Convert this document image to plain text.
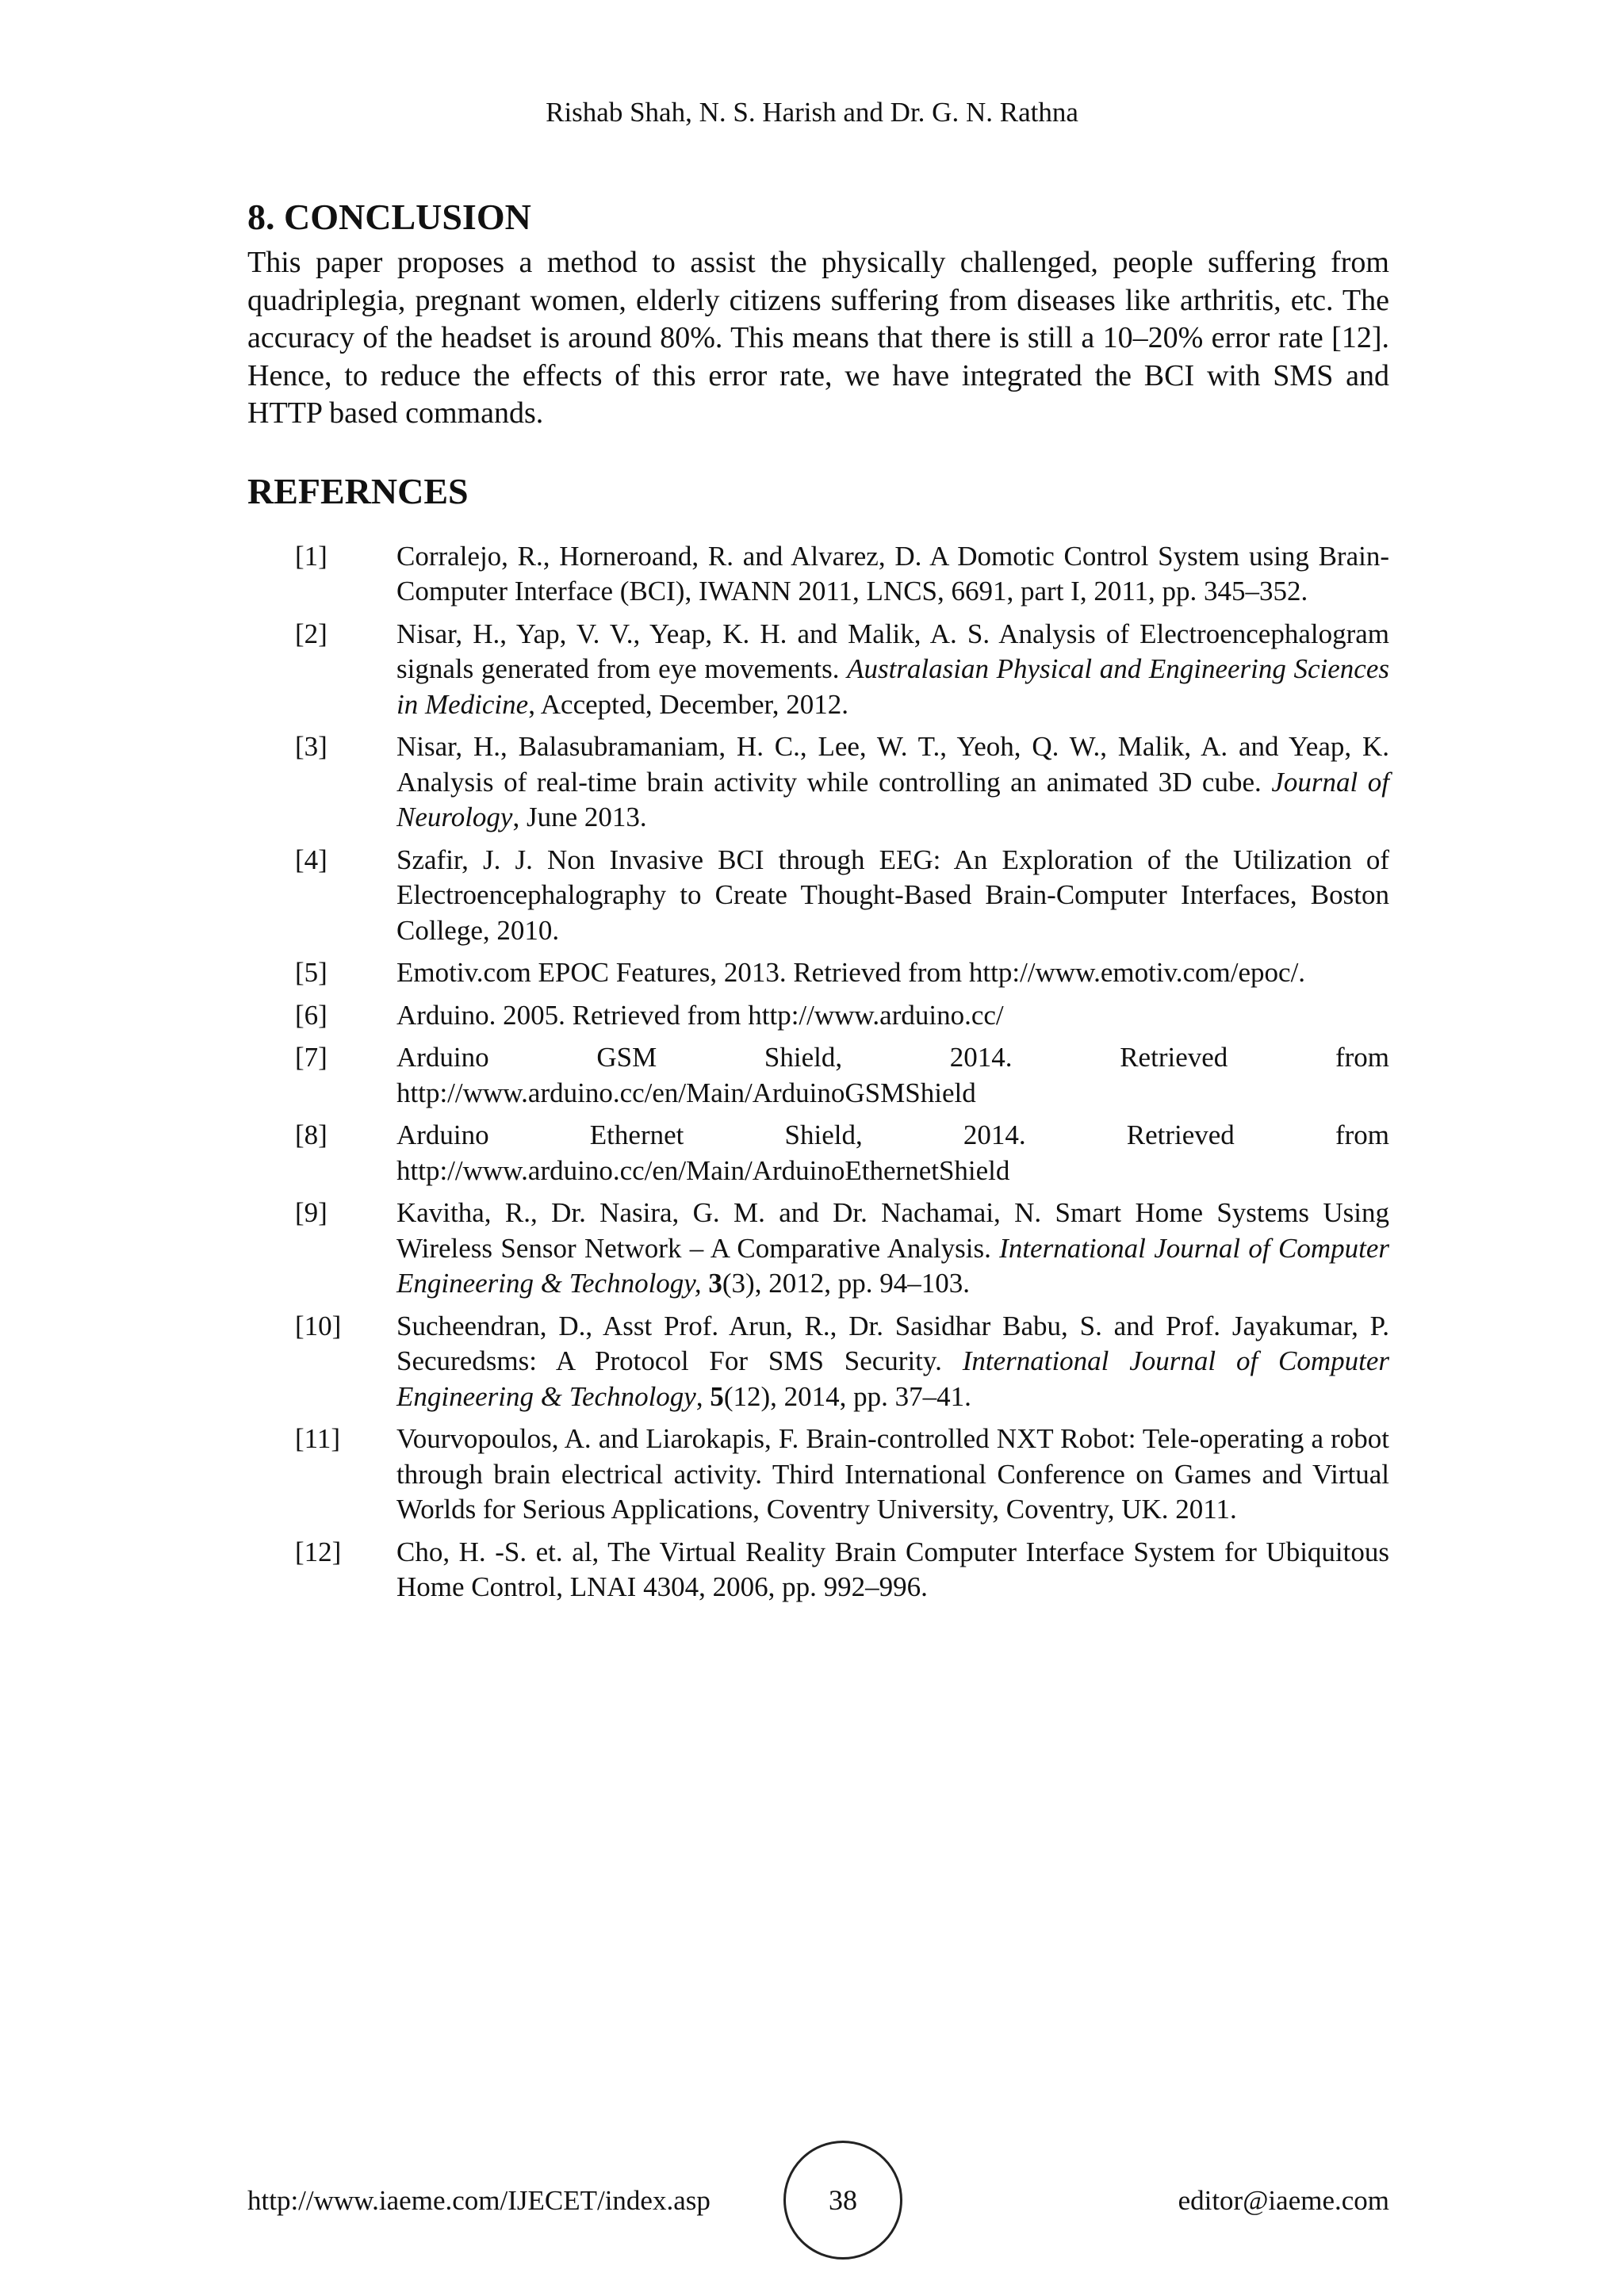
Rishab Shah, N. S. Harish and Dr. G. N. Rathna
8. CONCLUSION

This paper proposes a method to assist the physically challenged, people suffering from quadriplegia, pregnant women, elderly citizens suffering from diseases like arthritis, etc. The accuracy of the headset is around 80%. This means that there is still a 10–20% error rate [12]. Hence, to reduce the effects of this error rate, we have integrated the BCI with SMS and HTTP based commands.

REFERNCES
[1]	Corralejo, R., Horneroand, R. and Alvarez, D. A Domotic Control System using Brain-Computer Interface (BCI), IWANN 2011, LNCS, 6691, part I, 2011, pp. 345–352.
[2]	Nisar, H., Yap, V. V., Yeap, K. H. and Malik, A. S. Analysis of Electroencephalogram signals generated from eye movements. Australasian Physical and Engineering Sciences in Medicine, Accepted, December, 2012.
[3]	Nisar, H., Balasubramaniam, H. C., Lee, W. T., Yeoh, Q. W., Malik, A. and Yeap, K. Analysis of real-time brain activity while controlling an animated 3D cube. Journal of Neurology, June 2013.
[4]	Szafir, J. J. Non Invasive BCI through EEG: An Exploration of the Utilization of Electroencephalography to Create Thought-Based Brain-Computer Interfaces, Boston College, 2010.
[5]	Emotiv.com EPOC Features, 2013. Retrieved from http://www.emotiv.com/epoc/.
[6]	Arduino. 2005. Retrieved from http://www.arduino.cc/
[7]	Arduino GSM Shield, 2014. Retrieved from http://www.arduino.cc/en/Main/ArduinoGSMShield
[8]	Arduino Ethernet Shield, 2014. Retrieved from http://www.arduino.cc/en/Main/ArduinoEthernetShield
[9]	Kavitha, R., Dr. Nasira, G. M. and Dr. Nachamai, N. Smart Home Systems Using Wireless Sensor Network – A Comparative Analysis. International Journal of Computer Engineering & Technology, 3(3), 2012, pp. 94–103.
[10]	Sucheendran, D., Asst Prof. Arun, R., Dr. Sasidhar Babu, S. and Prof. Jayakumar, P. Securedsms: A Protocol For SMS Security. International Journal of Computer Engineering & Technology, 5(12), 2014, pp. 37–41.
[11]	Vourvopoulos, A. and Liarokapis, F. Brain-controlled NXT Robot: Tele-operating a robot through brain electrical activity. Third International Conference on Games and Virtual Worlds for Serious Applications, Coventry University, Coventry, UK. 2011.
[12]	Cho, H. -S. et. al, The Virtual Reality Brain Computer Interface System for Ubiquitous Home Control, LNAI 4304, 2006, pp. 992–996.
http://www.iaeme.com/IJECET/index.asp	38	editor@iaeme.com
